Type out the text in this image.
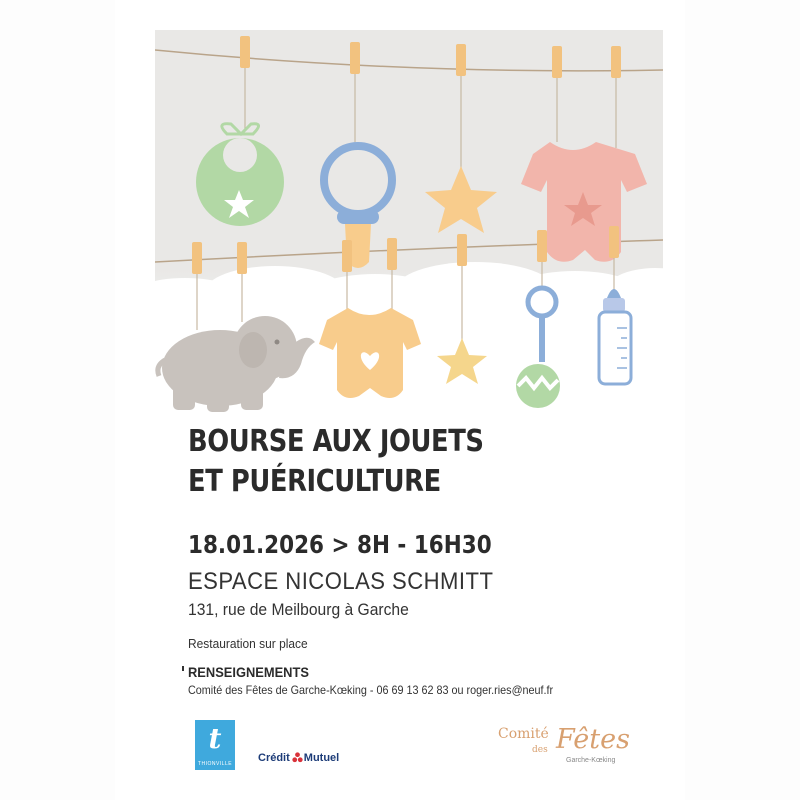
BOURSE AUX JOUETS
ET PUÉRICULTURE
18.01.2026 > 8H - 16H30
ESPACE NICOLAS SCHMITT
131, rue de Meilbourg à Garche
Restauration sur place
RENSEIGNEMENTS
Comité des Fêtes de Garche-Kœking - 06 69 13 62 83 ou roger.ries@neuf.fr
t
THIONVILLE Crédit Mutuel
Comité
des Fêtes
Garche-Kœking
